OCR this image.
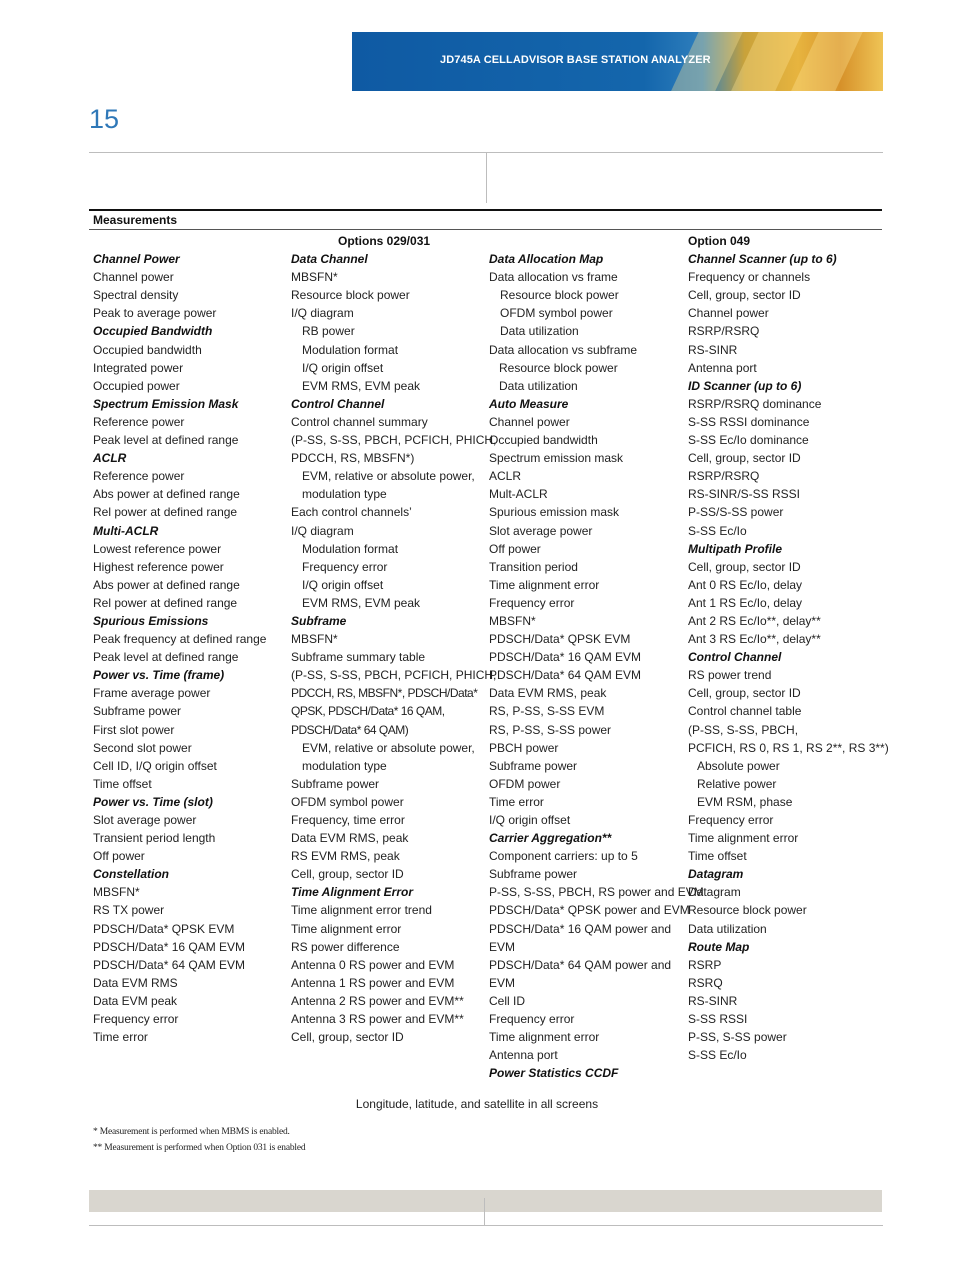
JD745A CELLADVISOR BASE STATION ANALYZER
15
Measurements
Channel Power
Channel power
Spectral density
Peak to average power
Occupied Bandwidth
Occupied bandwidth
Integrated power
Occupied power
Spectrum Emission Mask
Reference power
Peak level at defined range
ACLR
Reference power
Abs power at defined range
Rel power at defined range
Multi-ACLR
Lowest reference power
Highest reference power
Abs power at defined range
Rel power at defined range
Spurious Emissions
Peak frequency at defined range
Peak level at defined range
Power vs. Time (frame)
Frame average power
Subframe power
First slot power
Second slot power
Cell ID, I/Q origin offset
Time offset
Power vs. Time (slot)
Slot average power
Transient period length
Off power
Constellation
MBSFN*
RS TX power
PDSCH/Data* QPSK EVM
PDSCH/Data* 16 QAM EVM
PDSCH/Data* 64 QAM EVM
Data EVM RMS
Data EVM peak
Frequency error
Time error
Options 029/031
Data Channel
MBSFN*
Resource block power
I/Q diagram
RB power
Modulation format
I/Q origin offset
EVM RMS, EVM peak
Control Channel
Control channel summary
(P-SS, S-SS, PBCH, PCFICH, PHICH,
PDCCH, RS, MBSFN*)
EVM, relative or absolute power,
modulation type
Each control channels’
I/Q diagram
Modulation format
Frequency error
I/Q origin offset
EVM RMS, EVM peak
Subframe
MBSFN*
Subframe summary table
(P-SS, S-SS, PBCH, PCFICH, PHICH,
PDCCH, RS, MBSFN*, PDSCH/Data*
QPSK, PDSCH/Data* 16 QAM,
PDSCH/Data* 64 QAM)
EVM, relative or absolute power,
modulation type
Subframe power
OFDM symbol power
Frequency, time error
Data EVM RMS, peak
RS EVM RMS, peak
Cell, group, sector ID
Time Alignment Error
Time alignment error trend
Time alignment error
RS power difference
Antenna 0 RS power and EVM
Antenna 1 RS power and EVM
Antenna 2 RS power and EVM**
Antenna 3 RS power and EVM**
Cell, group, sector ID
Data Allocation Map
Data allocation vs frame
Resource block power
OFDM symbol power
Data utilization
Data allocation vs subframe
Resource block power
Data utilization
Auto Measure
Channel power
Occupied bandwidth
Spectrum emission mask
ACLR
Mult-ACLR
Spurious emission mask
Slot average power
Off power
Transition period
Time alignment error
Frequency error
MBSFN*
PDSCH/Data* QPSK EVM
PDSCH/Data* 16 QAM EVM
PDSCH/Data* 64 QAM EVM
Data EVM RMS, peak
RS, P-SS, S-SS EVM
RS, P-SS, S-SS power
PBCH power
Subframe power
OFDM power
Time error
I/Q origin offset
Carrier Aggregation**
Component carriers: up to 5
Subframe power
P-SS, S-SS, PBCH, RS power and EVM
PDSCH/Data* QPSK power and EVM
PDSCH/Data* 16 QAM power and
EVM
PDSCH/Data* 64 QAM power and
EVM
Cell ID
Frequency error
Time alignment error
Antenna port
Power Statistics CCDF
Option 049
Channel Scanner (up to 6)
Frequency or channels
Cell, group, sector ID
Channel power
RSRP/RSRQ
RS-SINR
Antenna port
ID Scanner (up to 6)
RSRP/RSRQ dominance
S-SS RSSI dominance
S-SS Ec/Io dominance
Cell, group, sector ID
RSRP/RSRQ
RS-SINR/S-SS RSSI
P-SS/S-SS power
S-SS Ec/Io
Multipath Profile
Cell, group, sector ID
Ant 0 RS Ec/Io, delay
Ant 1 RS Ec/Io, delay
Ant 2 RS Ec/Io**, delay**
Ant 3 RS Ec/Io**, delay**
Control Channel
RS power trend
Cell, group, sector ID
Control channel table
(P-SS, S-SS, PBCH,
PCFICH, RS 0, RS 1, RS 2**, RS 3**)
Absolute power
Relative power
EVM RSM, phase
Frequency error
Time alignment error
Time offset
Datagram
Datagram
Resource block power
Data utilization
Route Map
RSRP
RSRQ
RS-SINR
S-SS RSSI
P-SS, S-SS power
S-SS Ec/Io
Longitude, latitude, and satellite in all screens
* Measurement is performed when MBMS is enabled.
** Measurement is performed when Option 031 is enabled
